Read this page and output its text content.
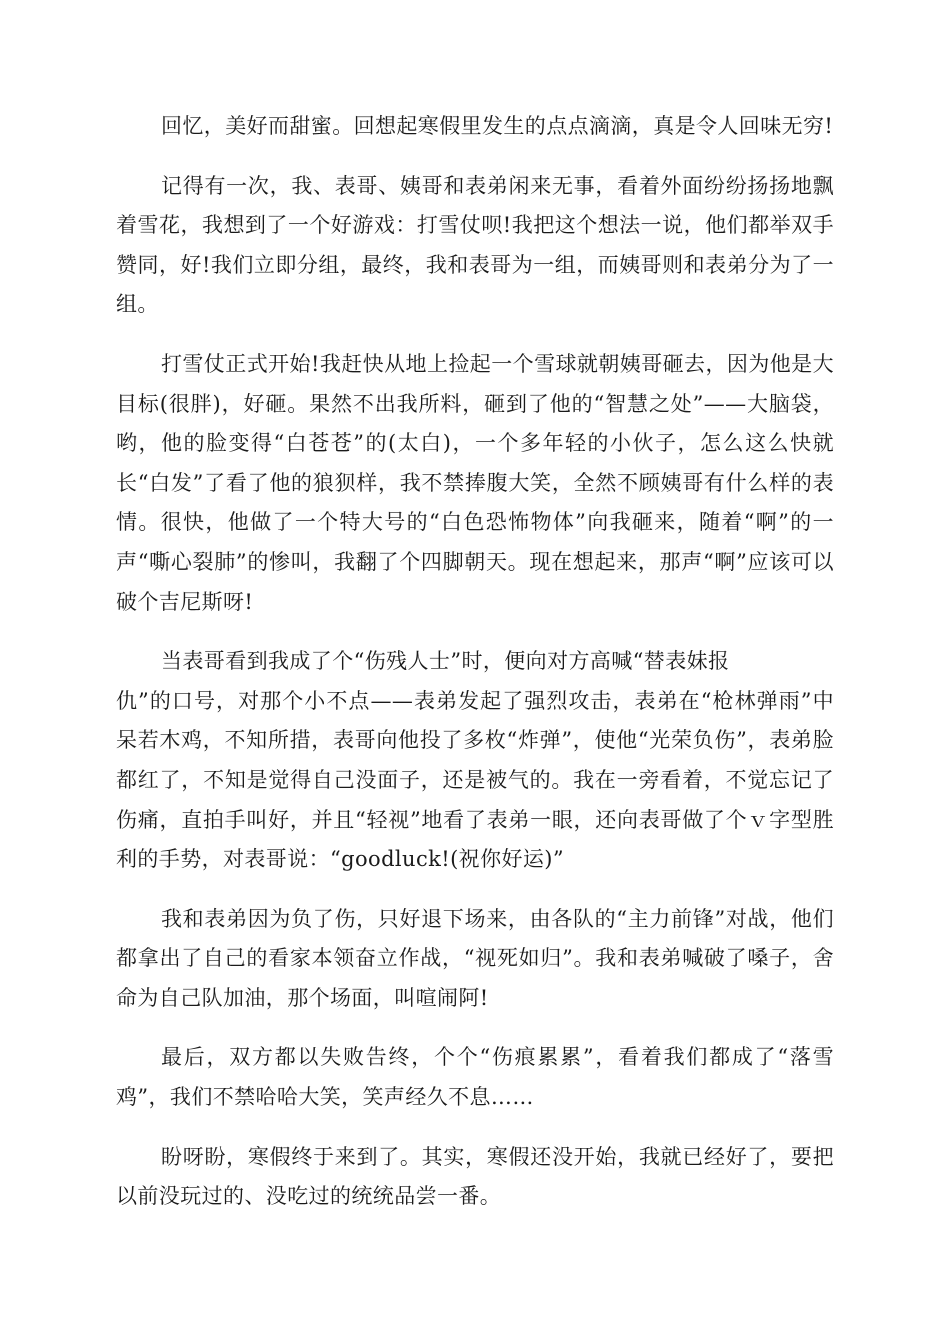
回忆，美好而甜蜜。回想起寒假里发生的点点滴滴，真是令人回味无穷!

记得有一次，我、表哥、姨哥和表弟闲来无事，看着外面纷纷扬扬地飘着雪花，我想到了一个好游戏：打雪仗呗!我把这个想法一说，他们都举双手赞同，好!我们立即分组，最终，我和表哥为一组，而姨哥则和表弟分为了一组。

打雪仗正式开始!我赶快从地上捡起一个雪球就朝姨哥砸去，因为他是大目标(很胖)，好砸。果然不出我所料，砸到了他的“智慧之处”——大脑袋，哟，他的脸变得“白苍苍”的(太白)，一个多年轻的小伙子，怎么这么快就长“白发”了看了他的狼狈样，我不禁捧腹大笑，全然不顾姨哥有什么样的表情。很快，他做了一个特大号的“白色恐怖物体”向我砸来，随着“啊”的一声“嘶心裂肺”的惨叫，我翻了个四脚朝天。现在想起来，那声“啊”应该可以破个吉尼斯呀!

当表哥看到我成了个“伤残人士”时，便向对方高喊“替表妹报
仇”的口号，对那个小不点——表弟发起了强烈攻击，表弟在“枪林弹雨”中呆若木鸡，不知所措，表哥向他投了多枚“炸弹”，使他“光荣负伤”，表弟脸都红了，不知是觉得自己没面子，还是被气的。我在一旁看着，不觉忘记了伤痛，直拍手叫好，并且“轻视”地看了表弟一眼，还向表哥做了个ｖ字型胜利的手势，对表哥说：“goodluck!(祝你好运)”

我和表弟因为负了伤，只好退下场来，由各队的“主力前锋”对战，他们都拿出了自己的看家本领奋立作战，“视死如归”。我和表弟喊破了嗓子，舍命为自己队加油，那个场面，叫喧闹阿!

最后，双方都以失败告终，个个“伤痕累累”，看着我们都成了“落雪鸡”，我们不禁哈哈大笑，笑声经久不息……

盼呀盼，寒假终于来到了。其实，寒假还没开始，我就已经好了，要把以前没玩过的、没吃过的统统品尝一番。
